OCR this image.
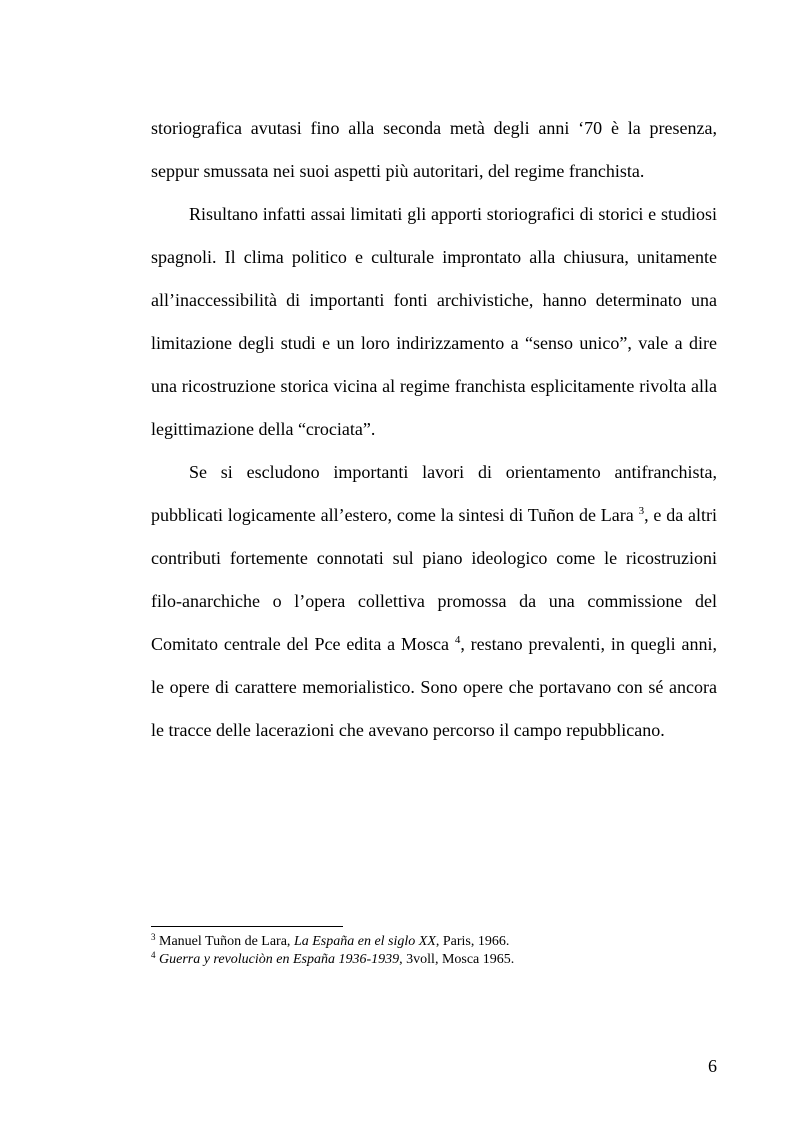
storiografica avutasi fino alla seconda metà degli anni ‘70 è la presenza, seppur smussata nei suoi aspetti più autoritari, del regime franchista.

Risultano infatti assai limitati gli apporti storiografici di storici e studiosi spagnoli. Il clima politico e culturale improntato alla chiusura, unitamente all’inaccessibilità di importanti fonti archivistiche, hanno determinato una limitazione degli studi e un loro indirizzamento a “senso unico”, vale a dire una ricostruzione storica vicina al regime franchista esplicitamente rivolta alla legittimazione della “crociata”.

Se si escludono importanti lavori di orientamento antifranchista, pubblicati logicamente all’estero, come la sintesi di Tuñon de Lara $^3$, e da altri contributi fortemente connotati sul piano ideologico come le ricostruzioni filo-anarchiche o l’opera collettiva promossa da una commissione del Comitato centrale del Pce edita a Mosca $^4$, restano prevalenti, in quegli anni, le opere di carattere memorialistico. Sono opere che portavano con sé ancora le tracce delle lacerazioni che avevano percorso il campo repubblicano.

$^3$ Manuel Tuñon de Lara, La España en el siglo XX, Paris, 1966.

$^4$ Guerra y revoluciòn en España 1936-1939, 3voll, Mosca 1965.

6
